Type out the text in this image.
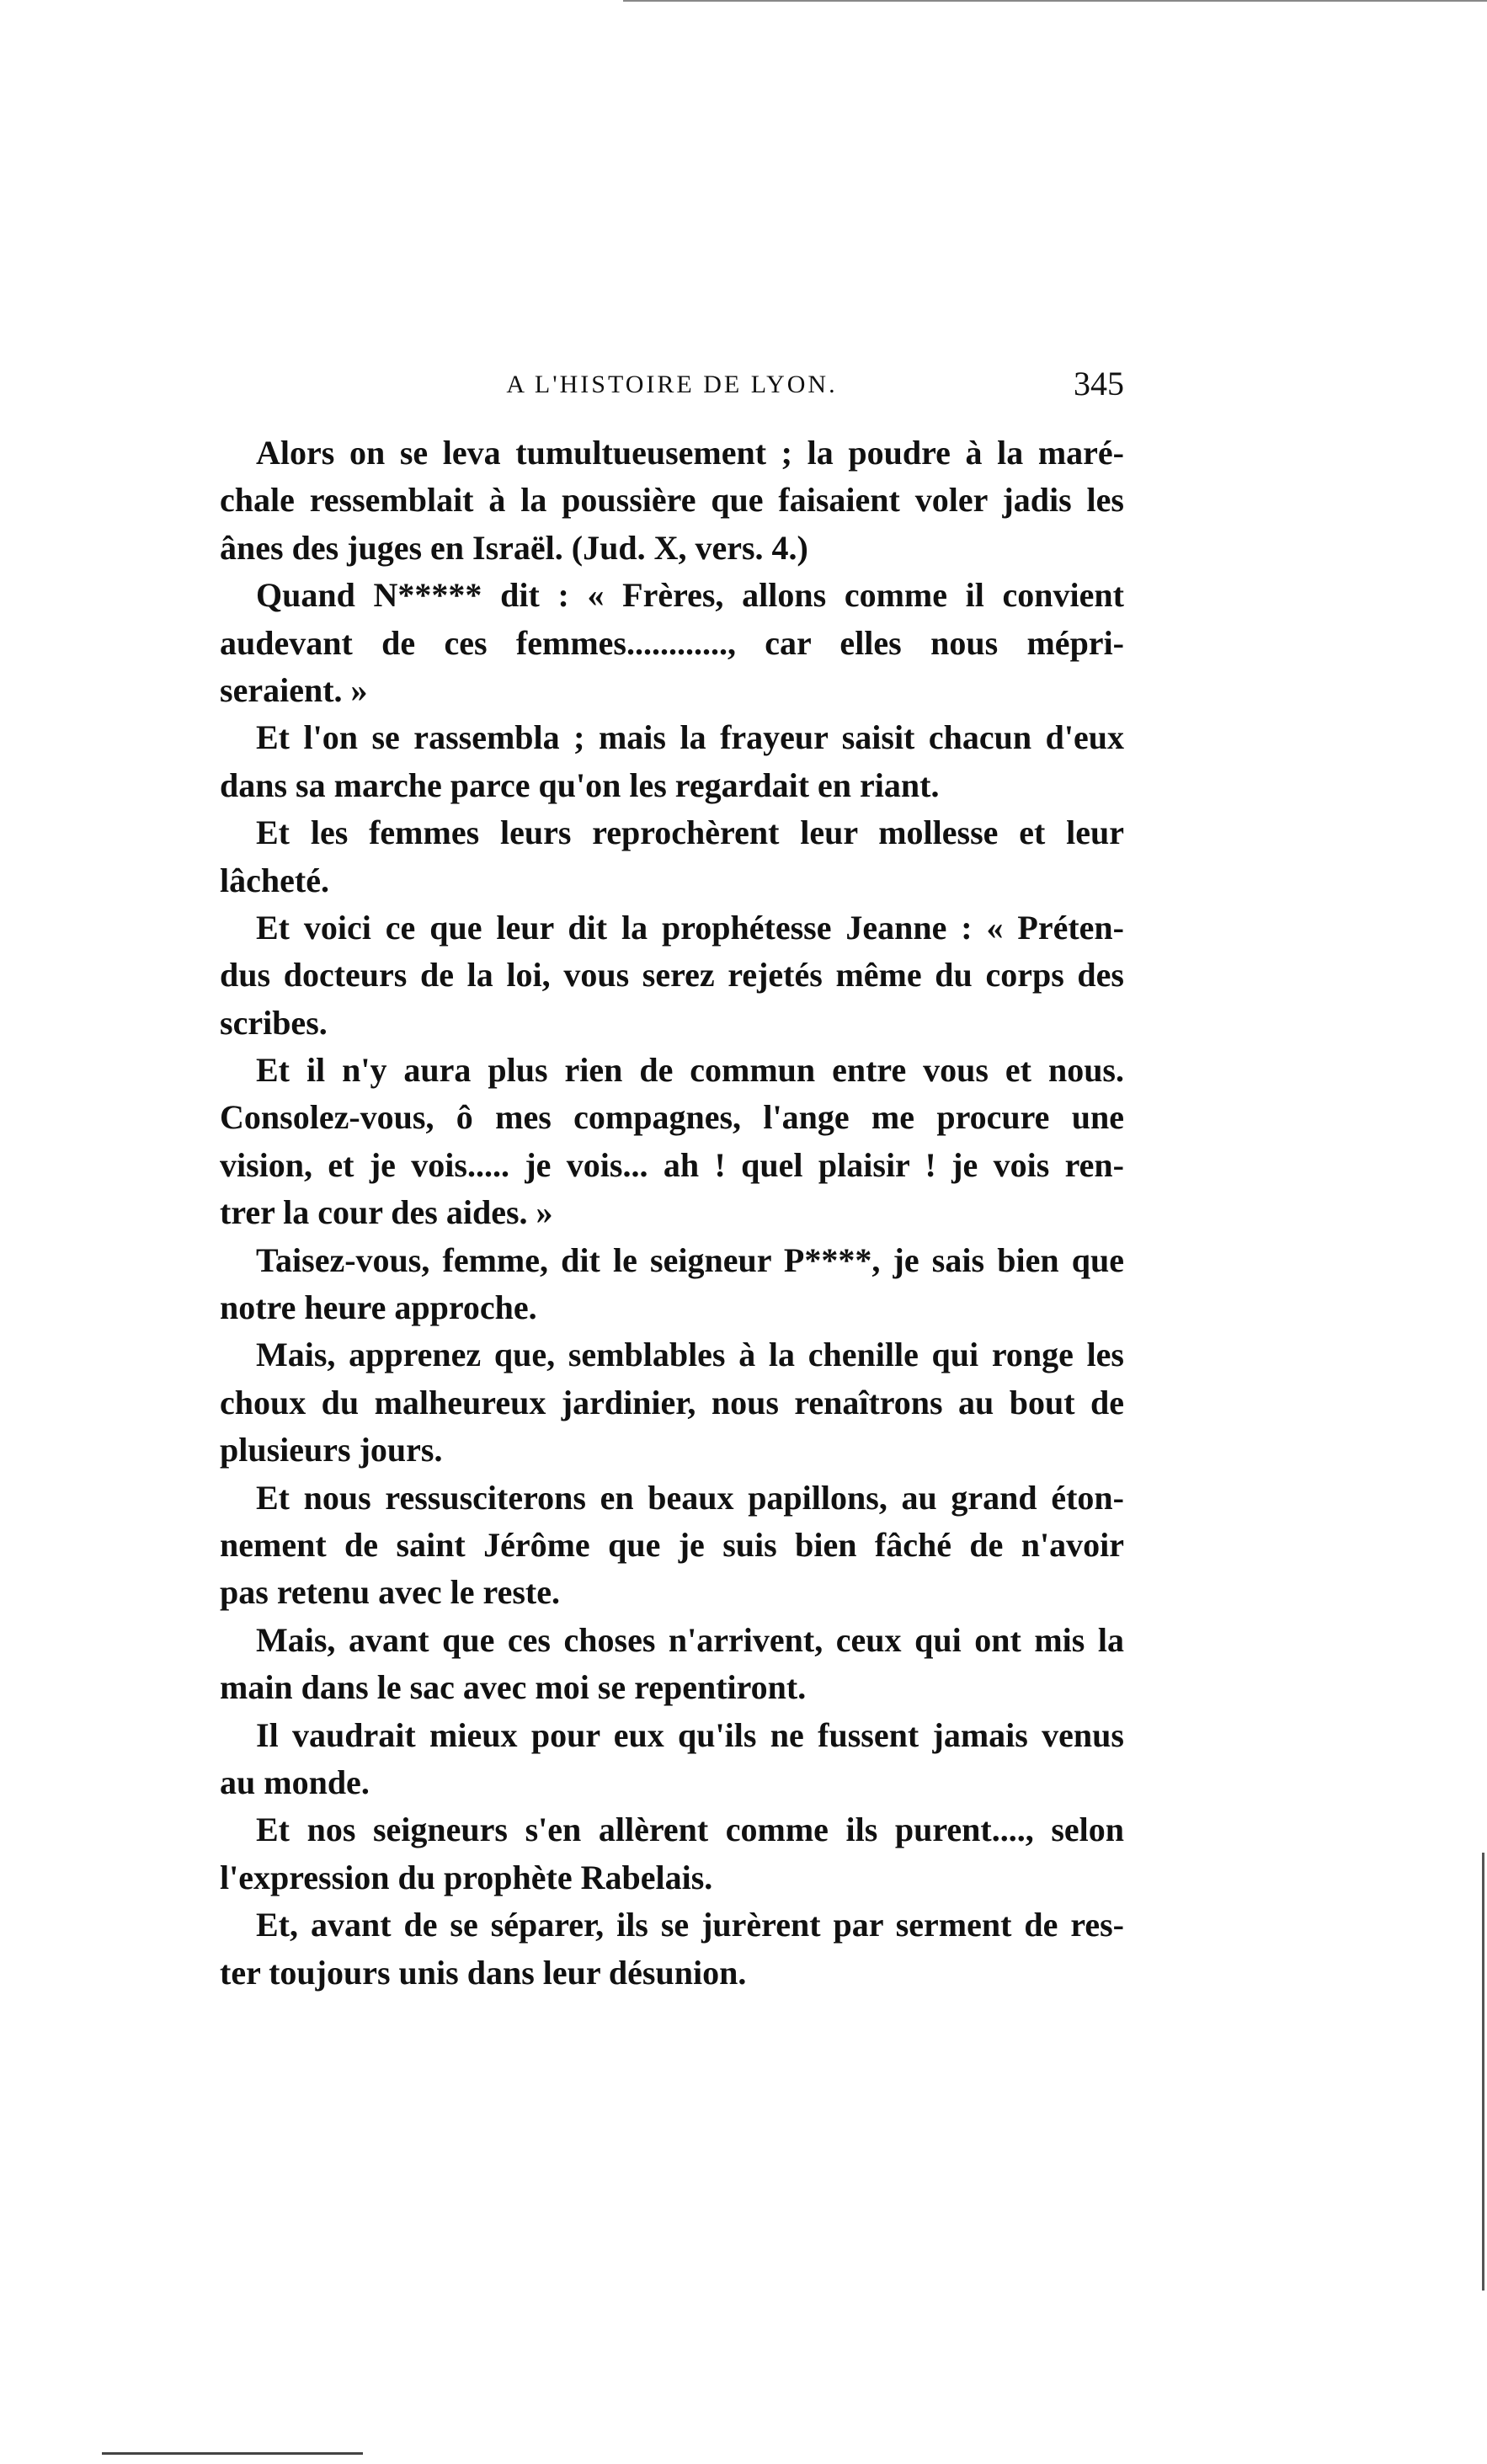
A L'HISTOIRE DE LYON.	345
Alors on se leva tumultueusement ; la poudre à la maré-
chale ressemblait à la poussière que faisaient voler jadis les
ânes des juges en Israël. (Jud. X, vers. 4.)
Quand N***** dit : « Frères, allons comme il convient
audevant de ces femmes............, car elles nous mépri-
seraient. »
Et l'on se rassembla ; mais la frayeur saisit chacun d'eux
dans sa marche parce qu'on les regardait en riant.
Et les femmes leurs reprochèrent leur mollesse et leur
lâcheté.
Et voici ce que leur dit la prophétesse Jeanne : « Préten-
dus docteurs de la loi, vous serez rejetés même du corps des
scribes.
Et il n'y aura plus rien de commun entre vous et nous.
Consolez-vous, ô mes compagnes, l'ange me procure une
vision, et je vois..... je vois... ah ! quel plaisir ! je vois ren-
trer la cour des aides. »
Taisez-vous, femme, dit le seigneur P****, je sais bien que
notre heure approche.
Mais, apprenez que, semblables à la chenille qui ronge les
choux du malheureux jardinier, nous renaîtrons au bout de
plusieurs jours.
Et nous ressusciterons en beaux papillons, au grand éton-
nement de saint Jérôme que je suis bien fâché de n'avoir
pas retenu avec le reste.
Mais, avant que ces choses n'arrivent, ceux qui ont mis la
main dans le sac avec moi se repentiront.
Il vaudrait mieux pour eux qu'ils ne fussent jamais venus
au monde.
Et nos seigneurs s'en allèrent comme ils purent...., selon
l'expression du prophète Rabelais.
Et, avant de se séparer, ils se jurèrent par serment de res-
ter toujours unis dans leur désunion.
